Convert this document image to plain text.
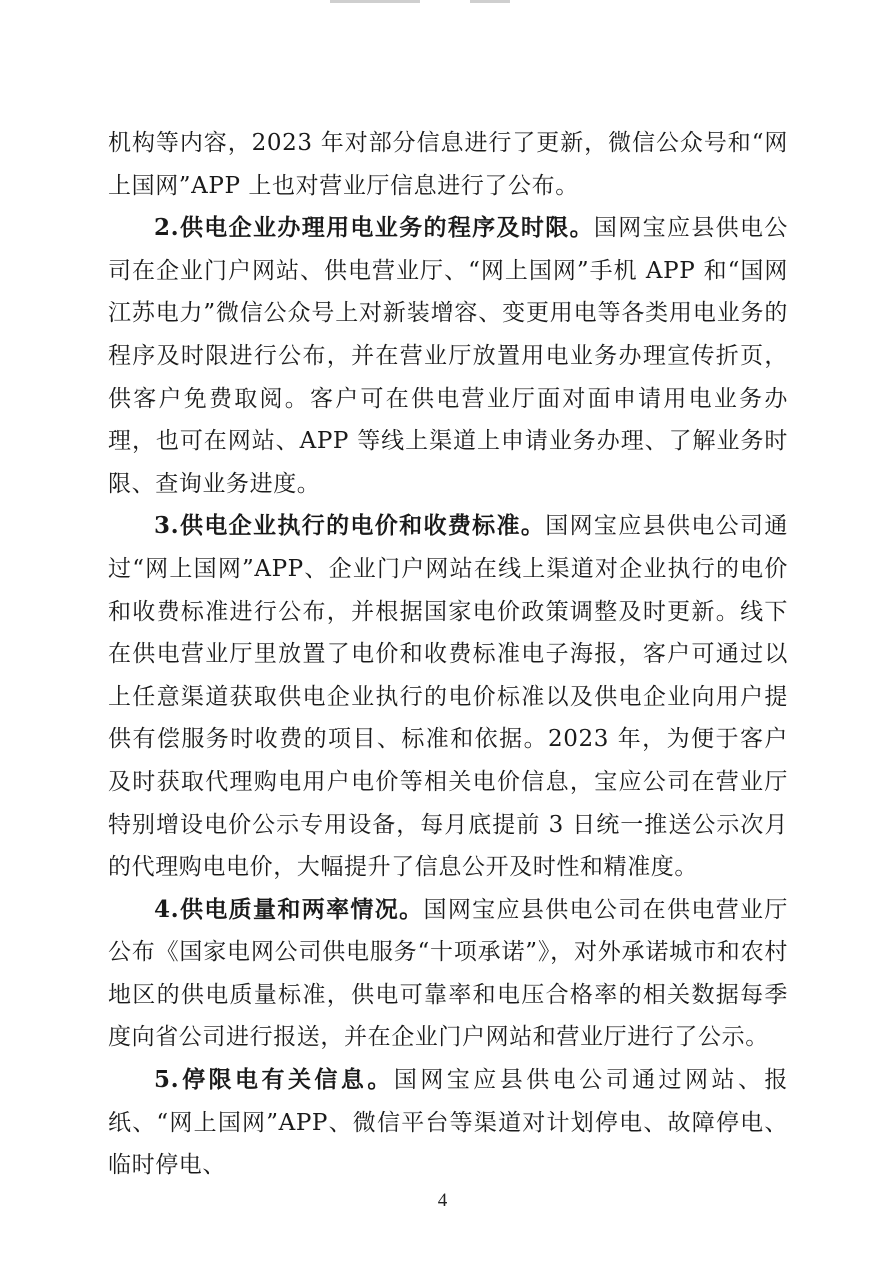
机构等内容，2023 年对部分信息进行了更新，微信公众号和“网上国网”APP 上也对营业厅信息进行了公布。

2.供电企业办理用电业务的程序及时限。国网宝应县供电公司在企业门户网站、供电营业厅、“网上国网”手机 APP 和“国网江苏电力”微信公众号上对新装增容、变更用电等各类用电业务的程序及时限进行公布，并在营业厅放置用电业务办理宣传折页，供客户免费取阅。客户可在供电营业厅面对面申请用电业务办理，也可在网站、APP 等线上渠道上申请业务办理、了解业务时限、查询业务进度。

3.供电企业执行的电价和收费标准。国网宝应县供电公司通过“网上国网”APP、企业门户网站在线上渠道对企业执行的电价和收费标准进行公布，并根据国家电价政策调整及时更新。线下在供电营业厅里放置了电价和收费标准电子海报，客户可通过以上任意渠道获取供电企业执行的电价标准以及供电企业向用户提供有偿服务时收费的项目、标准和依据。2023 年，为便于客户及时获取代理购电用户电价等相关电价信息，宝应公司在营业厅特别增设电价公示专用设备，每月底提前 3 日统一推送公示次月的代理购电电价，大幅提升了信息公开及时性和精准度。

4.供电质量和两率情况。国网宝应县供电公司在供电营业厅公布《国家电网公司供电服务“十项承诺”》，对外承诺城市和农村地区的供电质量标准，供电可靠率和电压合格率的相关数据每季度向省公司进行报送，并在企业门户网站和营业厅进行了公示。

5.停限电有关信息。国网宝应县供电公司通过网站、报纸、“网上国网”APP、微信平台等渠道对计划停电、故障停电、临时停电、

4
